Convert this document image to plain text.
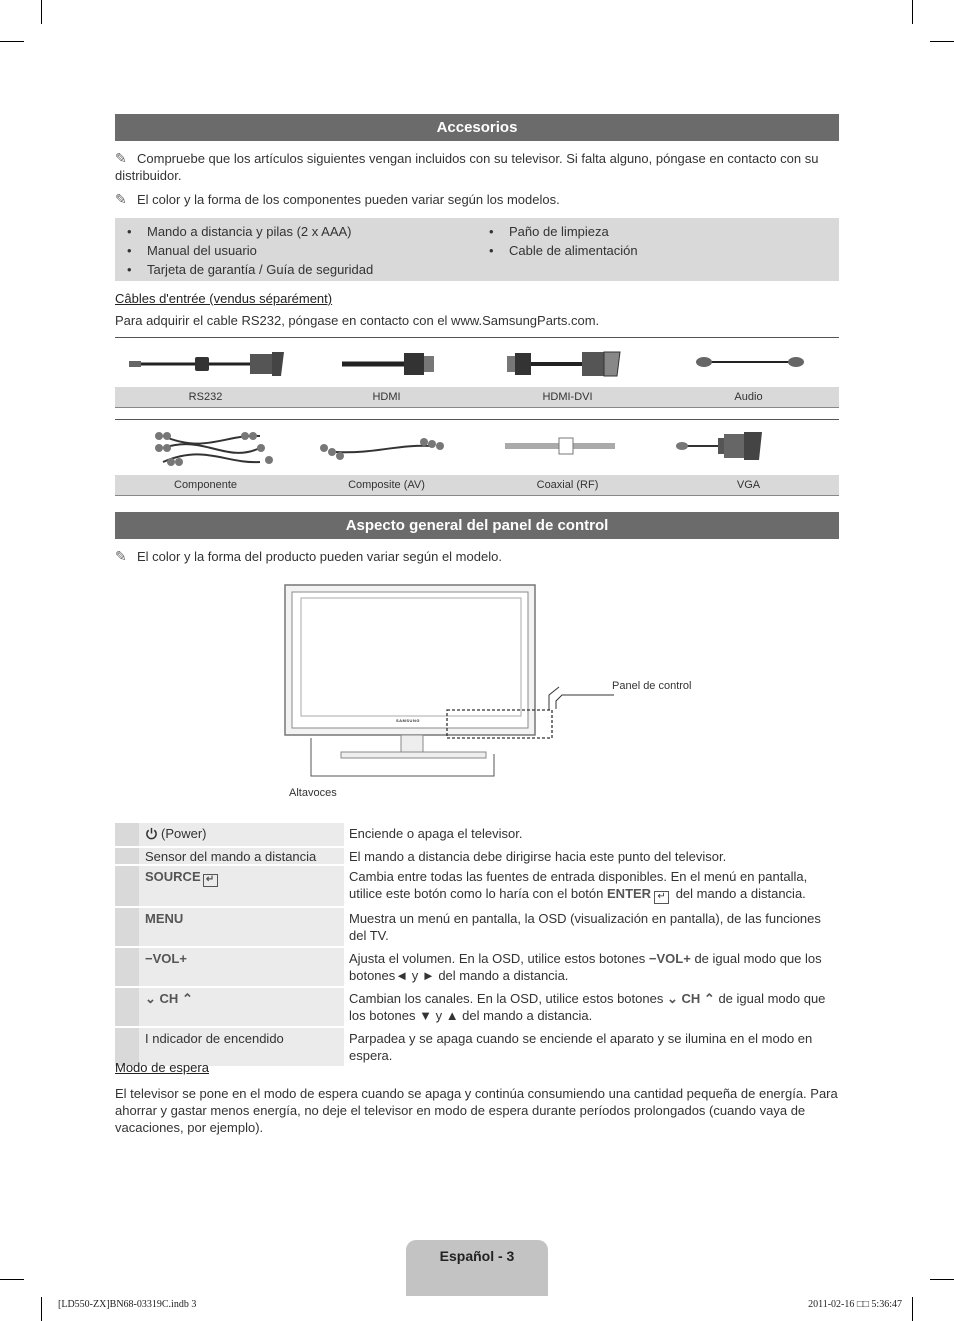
Accesorios
✎ Compruebe que los artículos siguientes vengan incluidos con su televisor. Si falta alguno, póngase en contacto con su distribuidor.
✎ El color y la forma de los componentes pueden variar según los modelos.
• Mando a distancia y pilas (2 x AAA)
• Manual del usuario
• Tarjeta de garantía / Guía de seguridad
• Paño de limpieza
• Cable de alimentación
Câbles d'entrée (vendus séparément)
Para adquirir el cable RS232, póngase en contacto con el www.SamsungParts.com.
RS232	HDMI	HDMI-DVI	Audio
Componente	Composite (AV)	Coaxial (RF)	VGA
Aspecto general del panel de control
✎ El color y la forma del producto pueden variar según el modelo.
SAMSUNG
Panel de control
Altavoces
(Power)	Enciende o apaga el televisor.
Sensor del mando a distancia	El mando a distancia debe dirigirse hacia este punto del televisor.
SOURCE ↵	Cambia entre todas las fuentes de entrada disponibles. En el menú en pantalla, utilice este botón como lo haría con el botón ENTER ↵ del mando a distancia.
MENU	Muestra un menú en pantalla, la OSD (visualización en pantalla), de las funciones del TV.
−VOL+	Ajusta el volumen. En la OSD, utilice estos botones −VOL+ de igual modo que los botones◄ y ► del mando a distancia.
⌄ CH ⌃	Cambian los canales. En la OSD, utilice estos botones ⌄ CH ⌃ de igual modo que los botones ▼ y ▲ del mando a distancia.
I ndicador de encendido	Parpadea y se apaga cuando se enciende el aparato y se ilumina en el modo en espera.
Modo de espera
El televisor se pone en el modo de espera cuando se apaga y continúa consumiendo una cantidad pequeña de energía. Para ahorrar y gastar menos energía, no deje el televisor en modo de espera durante períodos prolongados (cuando vaya de vacaciones, por ejemplo).
Español - 3
[LD550-ZX]BN68-03319C.indb 3	2011-02-16 □□ 5:36:47
